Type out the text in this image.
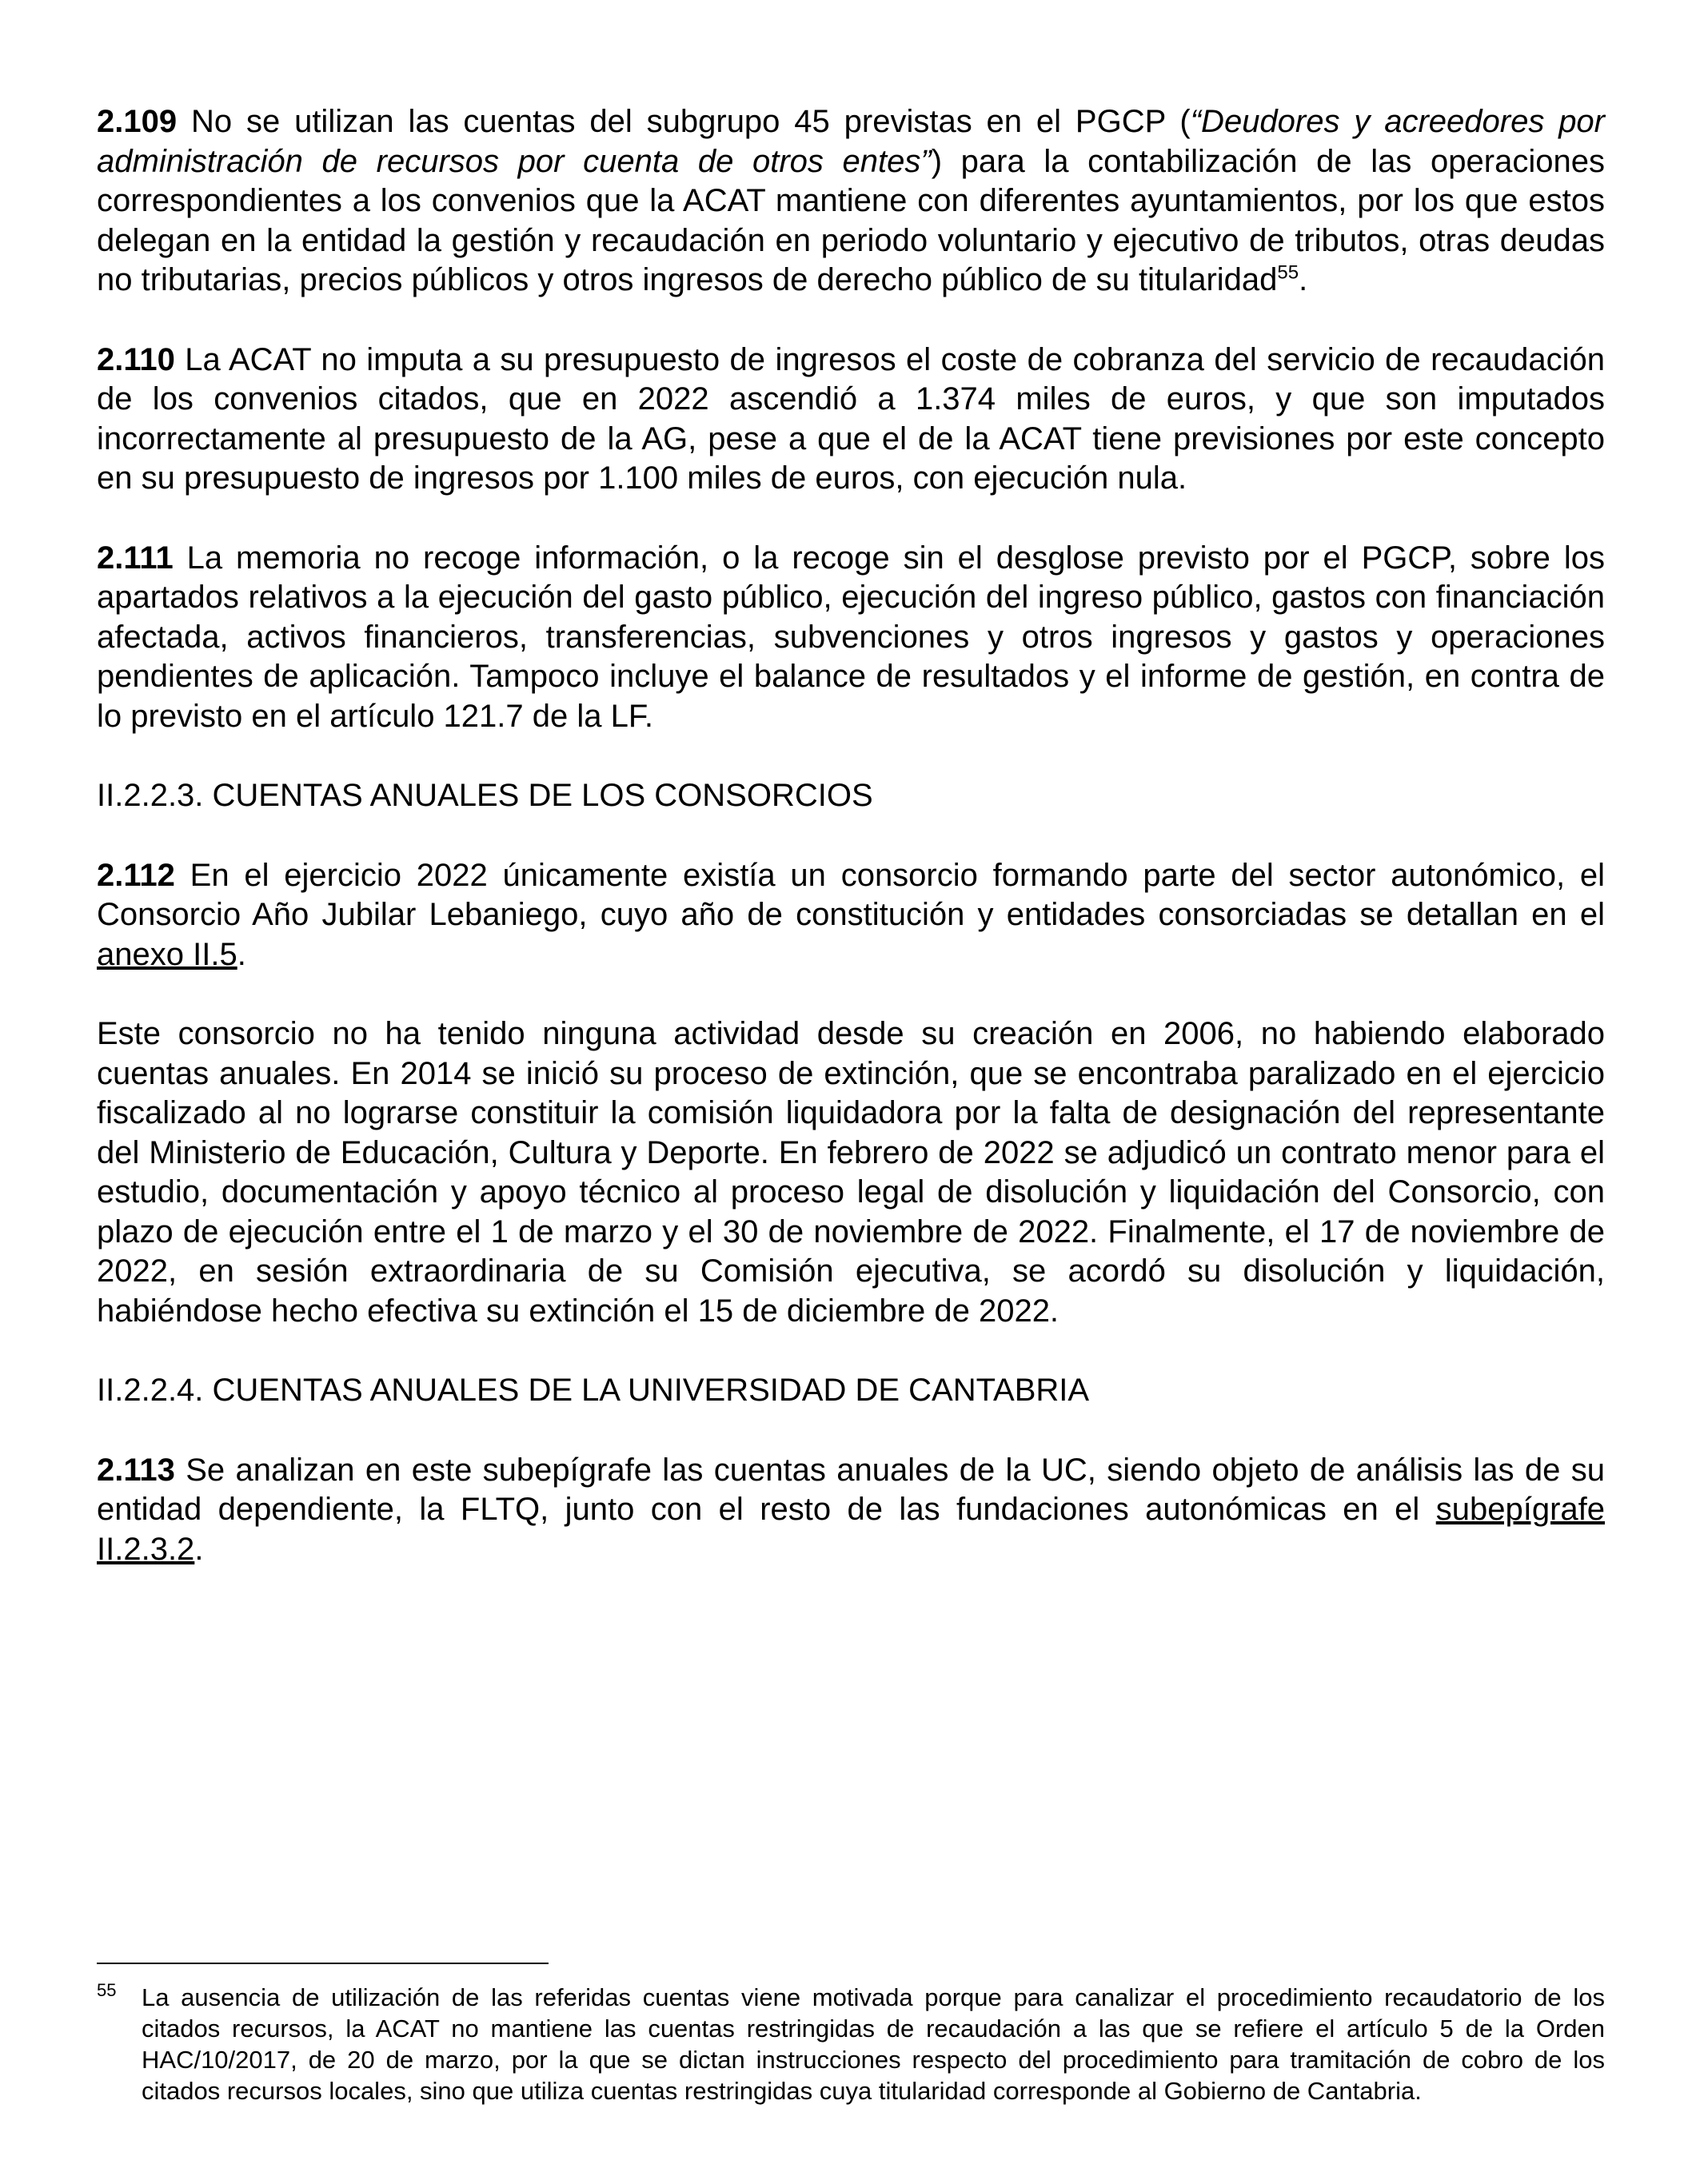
2.109 No se utilizan las cuentas del subgrupo 45 previstas en el PGCP (“Deudores y acreedores por administración de recursos por cuenta de otros entes”) para la contabilización de las operaciones correspondientes a los convenios que la ACAT mantiene con diferentes ayuntamientos, por los que estos delegan en la entidad la gestión y recaudación en periodo voluntario y ejecutivo de tributos, otras deudas no tributarias, precios públicos y otros ingresos de derecho público de su titularidad$^{55}$.

2.110 La ACAT no imputa a su presupuesto de ingresos el coste de cobranza del servicio de recaudación de los convenios citados, que en 2022 ascendió a 1.374 miles de euros, y que son imputados incorrectamente al presupuesto de la AG, pese a que el de la ACAT tiene previsiones por este concepto en su presupuesto de ingresos por 1.100 miles de euros, con ejecución nula.

2.111 La memoria no recoge información, o la recoge sin el desglose previsto por el PGCP, sobre los apartados relativos a la ejecución del gasto público, ejecución del ingreso público, gastos con financiación afectada, activos financieros, transferencias, subvenciones y otros ingresos y gastos y operaciones pendientes de aplicación. Tampoco incluye el balance de resultados y el informe de gestión, en contra de lo previsto en el artículo 121.7 de la LF.

II.2.2.3. CUENTAS ANUALES DE LOS CONSORCIOS

2.112 En el ejercicio 2022 únicamente existía un consorcio formando parte del sector autonómico, el Consorcio Año Jubilar Lebaniego, cuyo año de constitución y entidades consorciadas se detallan en el anexo II.5.

Este consorcio no ha tenido ninguna actividad desde su creación en 2006, no habiendo elaborado cuentas anuales. En 2014 se inició su proceso de extinción, que se encontraba paralizado en el ejercicio fiscalizado al no lograrse constituir la comisión liquidadora por la falta de designación del representante del Ministerio de Educación, Cultura y Deporte. En febrero de 2022 se adjudicó un contrato menor para el estudio, documentación y apoyo técnico al proceso legal de disolución y liquidación del Consorcio, con plazo de ejecución entre el 1 de marzo y el 30 de noviembre de 2022. Finalmente, el 17 de noviembre de 2022, en sesión extraordinaria de su Comisión ejecutiva, se acordó su disolución y liquidación, habiéndose hecho efectiva su extinción el 15 de diciembre de 2022.

II.2.2.4. CUENTAS ANUALES DE LA UNIVERSIDAD DE CANTABRIA

2.113 Se analizan en este subepígrafe las cuentas anuales de la UC, siendo objeto de análisis las de su entidad dependiente, la FLTQ, junto con el resto de las fundaciones autonómicas en el subepígrafe II.2.3.2.

55 La ausencia de utilización de las referidas cuentas viene motivada porque para canalizar el procedimiento recaudatorio de los citados recursos, la ACAT no mantiene las cuentas restringidas de recaudación a las que se refiere el artículo 5 de la Orden HAC/10/2017, de 20 de marzo, por la que se dictan instrucciones respecto del procedimiento para tramitación de cobro de los citados recursos locales, sino que utiliza cuentas restringidas cuya titularidad corresponde al Gobierno de Cantabria.
